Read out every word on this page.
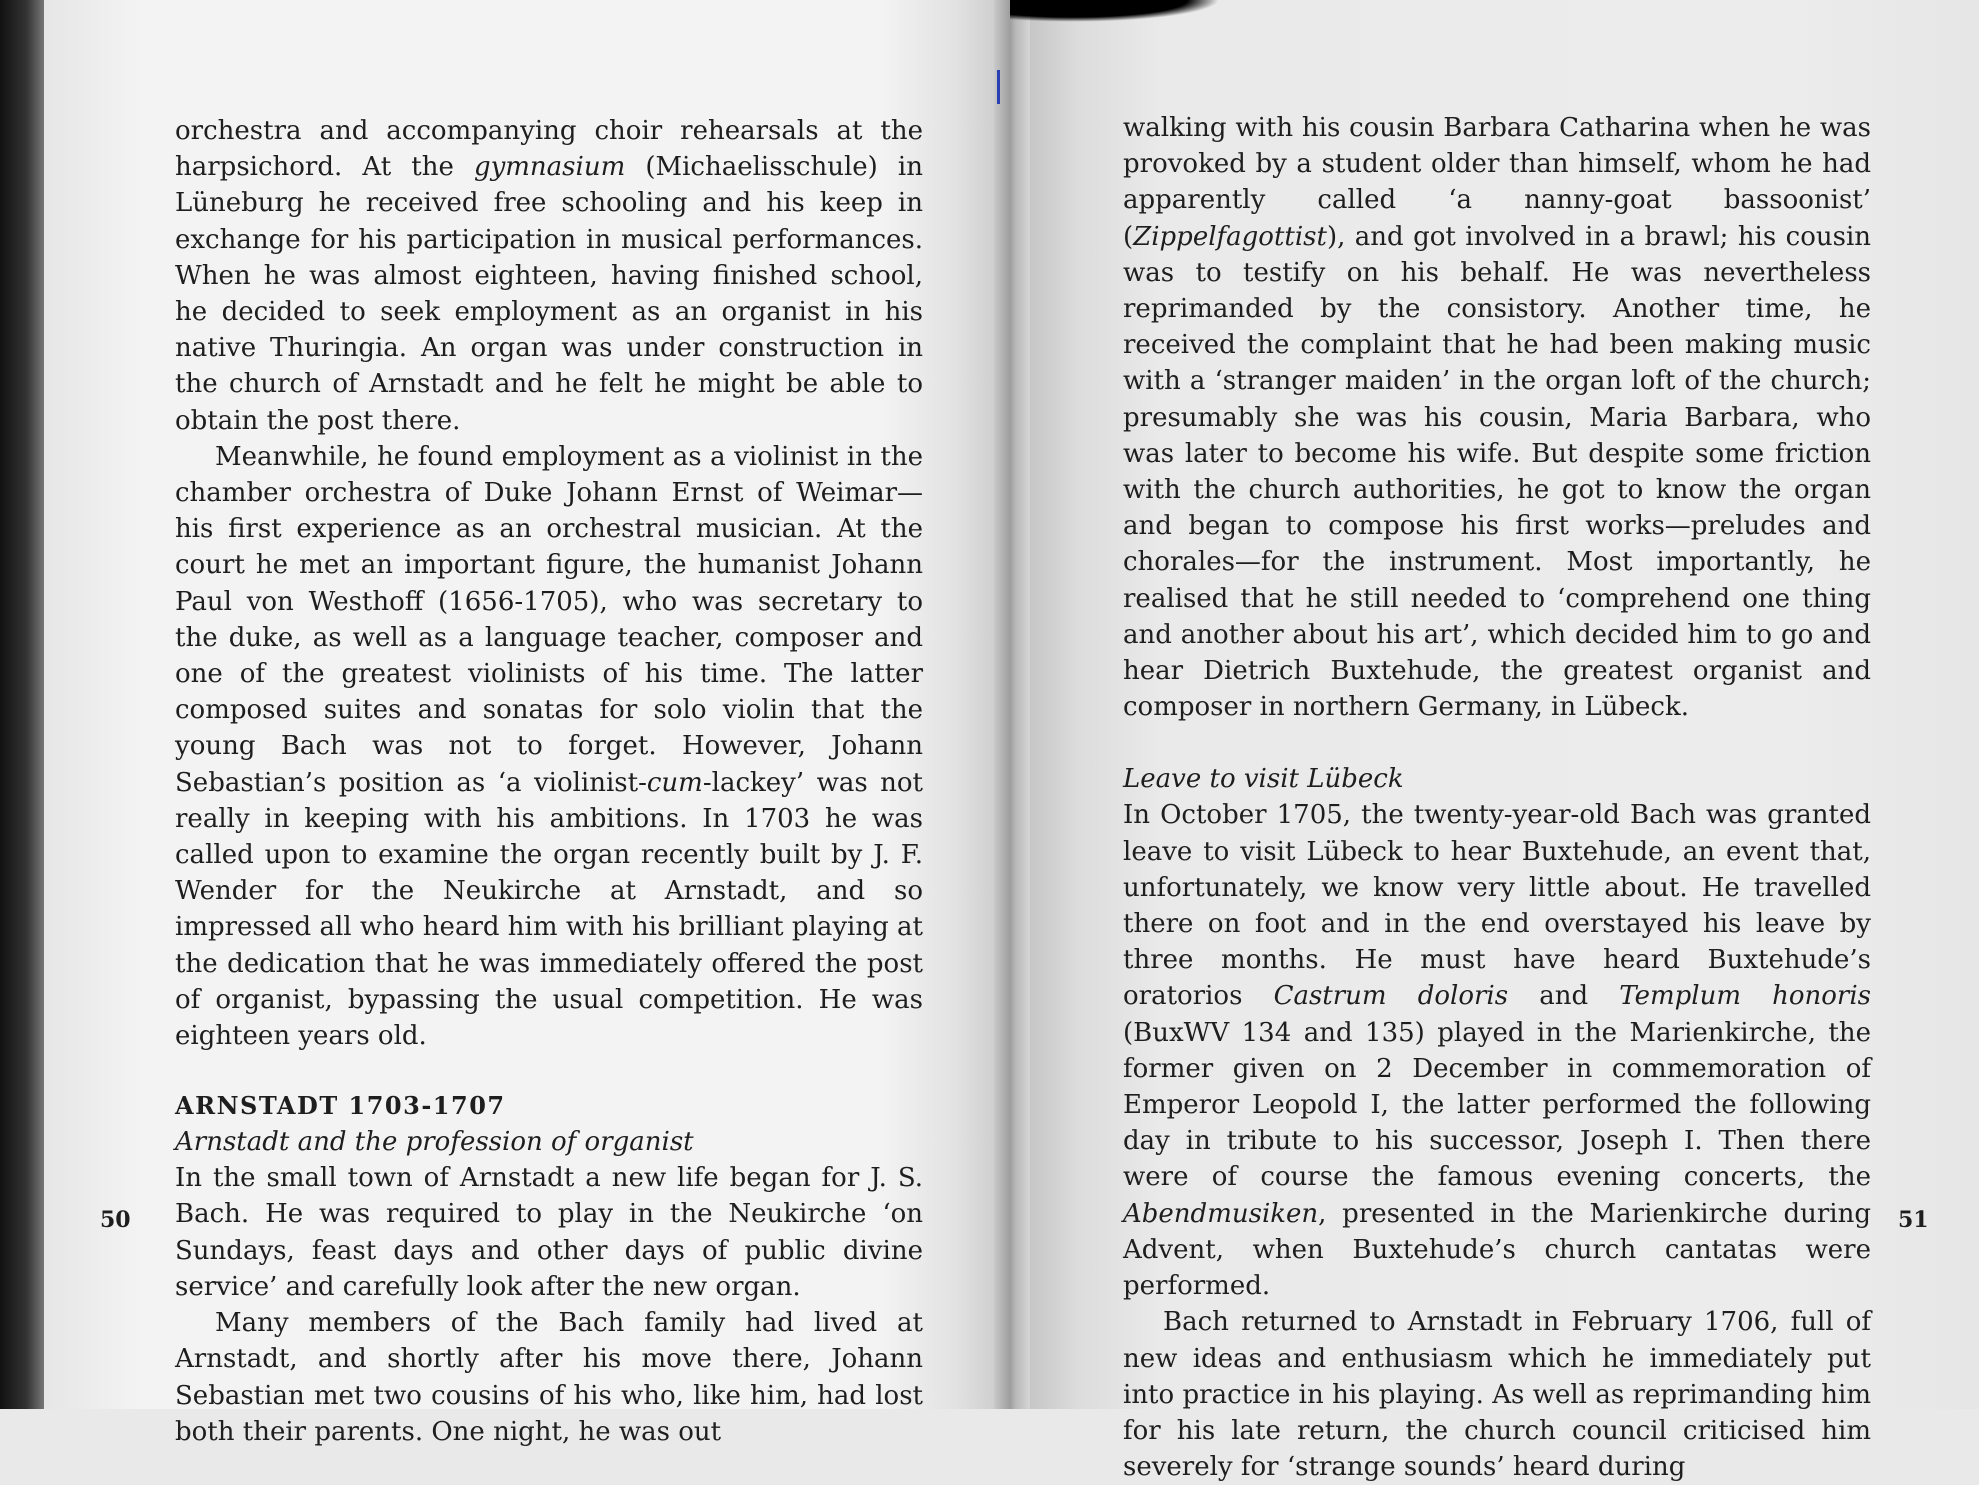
orchestra and accompanying choir rehearsals at the harpsichord. At the gymnasium (Michaelisschule) in Lüneburg he received free schooling and his keep in exchange for his participation in musical performances. When he was almost eighteen, having finished school, he decided to seek employment as an organist in his native Thuringia. An organ was under construction in the church of Arnstadt and he felt he might be able to obtain the post there.

Meanwhile, he found employment as a violinist in the chamber orchestra of Duke Johann Ernst of Weimar—his first experience as an orchestral musician. At the court he met an important figure, the humanist Johann Paul von Westhoff (1656-1705), who was secretary to the duke, as well as a language teacher, composer and one of the greatest violinists of his time. The latter composed suites and sonatas for solo violin that the young Bach was not to forget. However, Johann Sebastian’s position as ‘a violinist-cum-lackey’ was not really in keeping with his ambitions. In 1703 he was called upon to examine the organ recently built by J. F. Wender for the Neukirche at Arnstadt, and so impressed all who heard him with his brilliant playing at the dedication that he was immediately offered the post of organist, bypassing the usual competition. He was eighteen years old.

ARNSTADT 1703-1707
Arnstadt and the profession of organist

In the small town of Arnstadt a new life began for J. S. Bach. He was required to play in the Neukirche ‘on Sundays, feast days and other days of public divine service’ and carefully look after the new organ.

Many members of the Bach family had lived at Arnstadt, and shortly after his move there, Johann Sebastian met two cousins of his who, like him, had lost both their parents. One night, he was out

walking with his cousin Barbara Catharina when he was provoked by a student older than himself, whom he had apparently called ‘a nanny-goat bassoonist’ (Zippelfagottist), and got involved in a brawl; his cousin was to testify on his behalf. He was nevertheless reprimanded by the consistory. Another time, he received the complaint that he had been making music with a ‘stranger maiden’ in the organ loft of the church; presumably she was his cousin, Maria Barbara, who was later to become his wife. But despite some friction with the church authorities, he got to know the organ and began to compose his first works—preludes and chorales—for the instrument. Most importantly, he realised that he still needed to ‘comprehend one thing and another about his art’, which decided him to go and hear Dietrich Buxtehude, the greatest organist and composer in northern Germany, in Lübeck.

Leave to visit Lübeck

In October 1705, the twenty-year-old Bach was granted leave to visit Lübeck to hear Buxtehude, an event that, unfortunately, we know very little about. He travelled there on foot and in the end overstayed his leave by three months. He must have heard Buxtehude’s oratorios Castrum doloris and Templum honoris (BuxWV 134 and 135) played in the Marienkirche, the former given on 2 December in commemoration of Emperor Leopold I, the latter performed the following day in tribute to his successor, Joseph I. Then there were of course the famous evening concerts, the Abendmusiken, presented in the Marienkirche during Advent, when Buxtehude’s church cantatas were performed.

Bach returned to Arnstadt in February 1706, full of new ideas and enthusiasm which he immediately put into practice in his playing. As well as reprimanding him for his late return, the church council criticised him severely for ‘strange sounds’ heard during

50	51
